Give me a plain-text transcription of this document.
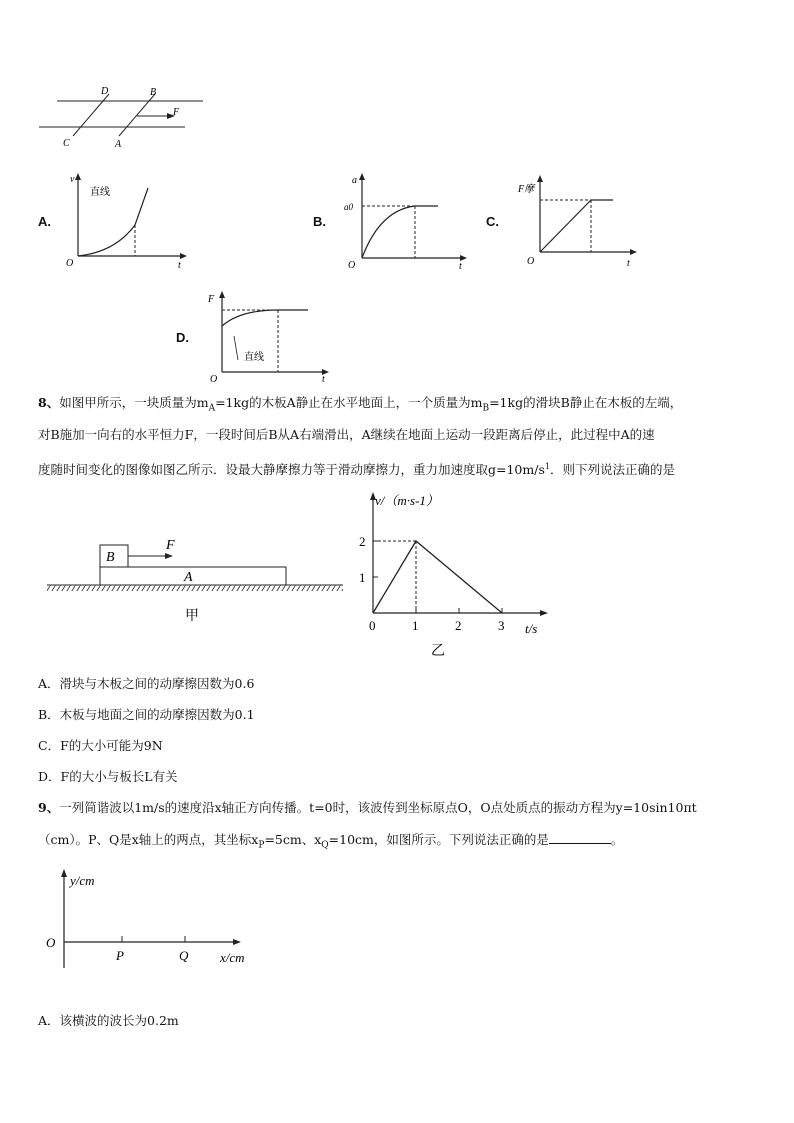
D	B
C	A
F
A.
O
v
t
直线
B.
O
a
a0
t
C.
O
F摩
t
D.
O
F
t
直线
8、如图甲所示，一块质量为$m_A=1kg$的木板A静止在水平地面上，一个质量为$m_B=1kg$的滑块B静止在木板的左端，
对B施加一向右的水平恒力F，一段时间后B从A右端滑出，A继续在地面上运动一段距离后停止，此过程中A的速
度随时间变化的图像如图乙所示．设最大静摩擦力等于滑动摩擦力，重力加速度取$g=10m/s^1$．则下列说法正确的是
B
F
A
甲
0	1	2	3
1
2
v/（m·s-1）
t/s
乙
A．滑块与木板之间的动摩擦因数为0.6
B．木板与地面之间的动摩擦因数为0.1
C．F的大小可能为9N
D．F的大小与板长L有关
9、一列简谐波以1m/s的速度沿x轴正方向传播。t=0时，该波传到坐标原点O，O点处质点的振动方程为y=10sin10πt
（cm）。P、Q是x轴上的两点，其坐标$x_P=5cm$、$x_Q=10cm$，如图所示。下列说法正确的是	。
y/cm
O
P	Q x/cm
A．该横波的波长为0.2m
